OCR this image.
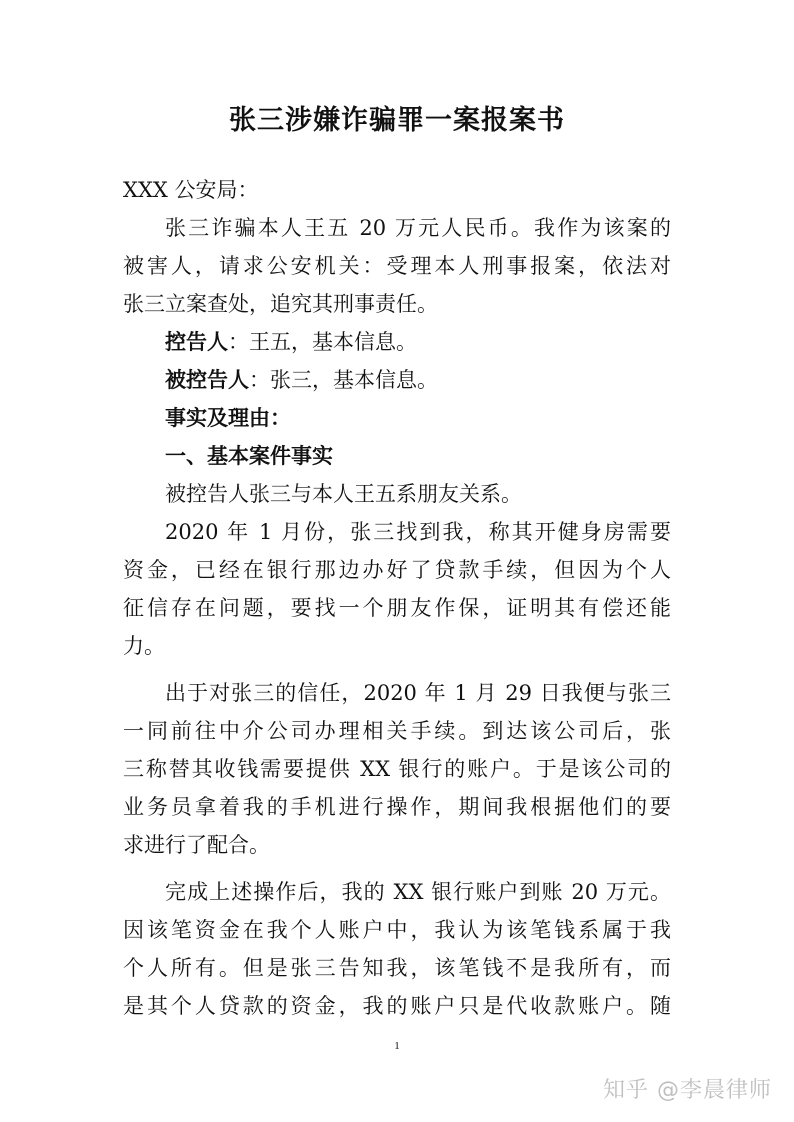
张三涉嫌诈骗罪一案报案书
XXX 公安局：
张三诈骗本人王五 20 万元人民币。我作为该案的
被害人，请求公安机关：受理本人刑事报案，依法对
张三立案查处，追究其刑事责任。
控告人：王五，基本信息。
被控告人：张三，基本信息。
事实及理由：
一、基本案件事实
被控告人张三与本人王五系朋友关系。
2020 年 1 月份，张三找到我，称其开健身房需要
资金，已经在银行那边办好了贷款手续，但因为个人
征信存在问题，要找一个朋友作保，证明其有偿还能
力。
出于对张三的信任，2020 年 1 月 29 日我便与张三
一同前往中介公司办理相关手续。到达该公司后，张
三称替其收钱需要提供 XX 银行的账户。于是该公司的
业务员拿着我的手机进行操作，期间我根据他们的要
求进行了配合。
完成上述操作后，我的 XX 银行账户到账 20 万元。
因该笔资金在我个人账户中，我认为该笔钱系属于我
个人所有。但是张三告知我，该笔钱不是我所有，而
是其个人贷款的资金，我的账户只是代收款账户。随
1
知乎 @李晨律师
